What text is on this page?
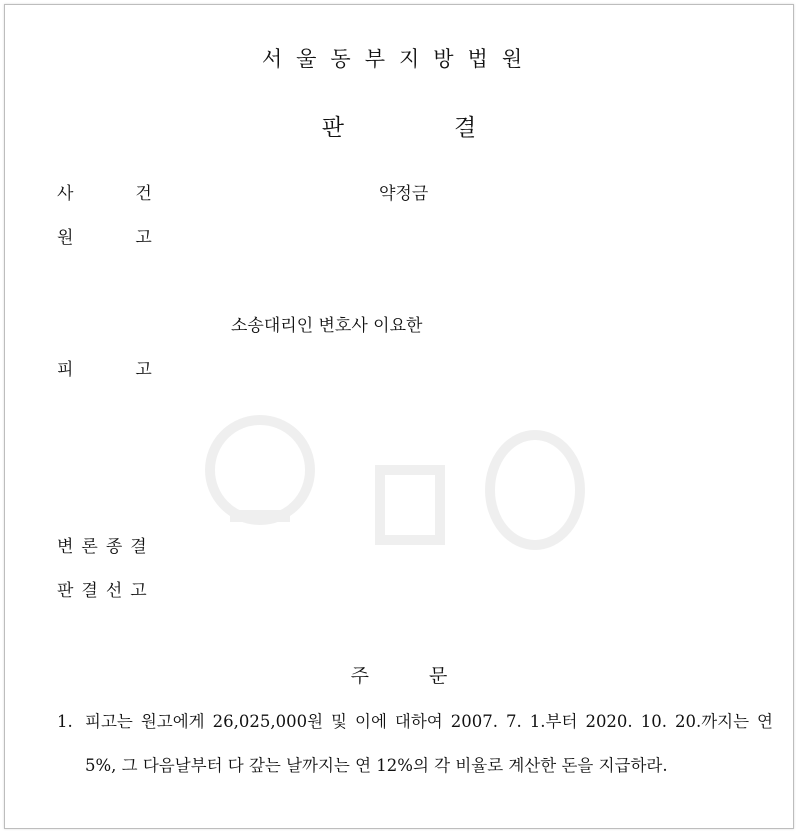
서울동부지방법원
판	결
사건	약정금
원고
소송대리인 변호사 이요한
피고
변론종결
판결선고
주	문
1. 피고는 원고에게 26,025,000원 및 이에 대하여 2007. 7. 1.부터 2020. 10. 20.까지는 연 5%, 그 다음날부터 다 갚는 날까지는 연 12%의 각 비율로 계산한 돈을 지급하라.
